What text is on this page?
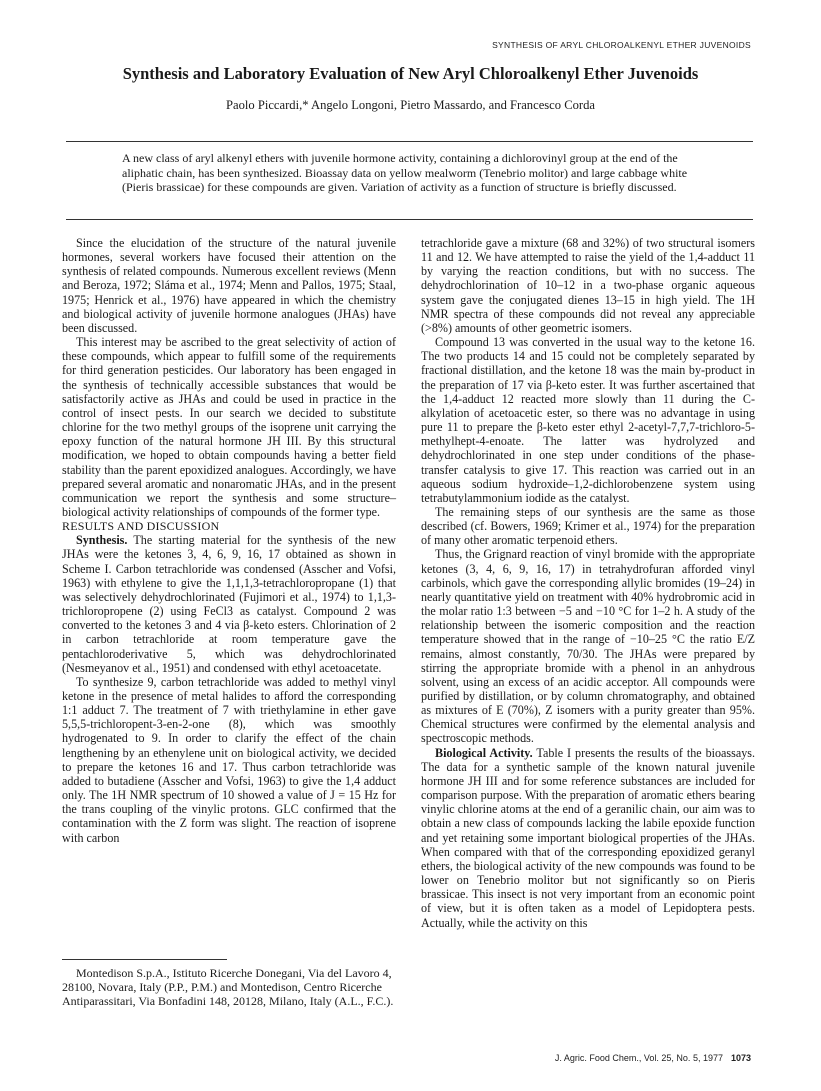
SYNTHESIS OF ARYL CHLOROALKENYL ETHER JUVENOIDS
Synthesis and Laboratory Evaluation of New Aryl Chloroalkenyl Ether Juvenoids
Paolo Piccardi,* Angelo Longoni, Pietro Massardo, and Francesco Corda
A new class of aryl alkenyl ethers with juvenile hormone activity, containing a dichlorovinyl group at the end of the aliphatic chain, has been synthesized. Bioassay data on yellow mealworm (Tenebrio molitor) and large cabbage white (Pieris brassicae) for these compounds are given. Variation of activity as a function of structure is briefly discussed.

Since the elucidation of the structure of the natural juvenile hormones, several workers have focused their attention on the synthesis of related compounds. Numerous excellent reviews (Menn and Beroza, 1972; Sláma et al., 1974; Menn and Pallos, 1975; Staal, 1975; Henrick et al., 1976) have appeared in which the chemistry and biological activity of juvenile hormone analogues (JHAs) have been discussed.

This interest may be ascribed to the great selectivity of action of these compounds, which appear to fulfill some of the requirements for third generation pesticides. Our laboratory has been engaged in the synthesis of technically accessible substances that would be satisfactorily active as JHAs and could be used in practice in the control of insect pests. In our search we decided to substitute chlorine for the two methyl groups of the isoprene unit carrying the epoxy function of the natural hormone JH III. By this structural modification, we hoped to obtain compounds having a better field stability than the parent epoxidized analogues. Accordingly, we have prepared several aromatic and nonaromatic JHAs, and in the present communication we report the synthesis and some structure–biological activity relationships of compounds of the former type.

RESULTS AND DISCUSSION

Synthesis. The starting material for the synthesis of the new JHAs were the ketones 3, 4, 6, 9, 16, 17 obtained as shown in Scheme I. Carbon tetrachloride was condensed (Asscher and Vofsi, 1963) with ethylene to give the 1,1,1,3-tetrachloropropane (1) that was selectively dehydrochlorinated (Fujimori et al., 1974) to 1,1,3-trichloropropene (2) using FeCl3 as catalyst. Compound 2 was converted to the ketones 3 and 4 via β-keto esters. Chlorination of 2 in carbon tetrachloride at room temperature gave the pentachloroderivative 5, which was dehydrochlorinated (Nesmeyanov et al., 1951) and condensed with ethyl acetoacetate.

To synthesize 9, carbon tetrachloride was added to methyl vinyl ketone in the presence of metal halides to afford the corresponding 1:1 adduct 7. The treatment of 7 with triethylamine in ether gave 5,5,5-trichloropent-3-en-2-one (8), which was smoothly hydrogenated to 9. In order to clarify the effect of the chain lengthening by an ethenylene unit on biological activity, we decided to prepare the ketones 16 and 17. Thus carbon tetrachloride was added to butadiene (Asscher and Vofsi, 1963) to give the 1,4 adduct only. The 1H NMR spectrum of 10 showed a value of J = 15 Hz for the trans coupling of the vinylic protons. GLC confirmed that the contamination with the Z form was slight. The reaction of isoprene with carbon

Montedison S.p.A., Istituto Ricerche Donegani, Via del Lavoro 4, 28100, Novara, Italy (P.P., P.M.) and Montedison, Centro Ricerche Antiparassitari, Via Bonfadini 148, 20128, Milano, Italy (A.L., F.C.).

tetrachloride gave a mixture (68 and 32%) of two structural isomers 11 and 12. We have attempted to raise the yield of the 1,4-adduct 11 by varying the reaction conditions, but with no success. The dehydrochlorination of 10–12 in a two-phase organic aqueous system gave the conjugated dienes 13–15 in high yield. The 1H NMR spectra of these compounds did not reveal any appreciable (>8%) amounts of other geometric isomers.

Compound 13 was converted in the usual way to the ketone 16. The two products 14 and 15 could not be completely separated by fractional distillation, and the ketone 18 was the main by-product in the preparation of 17 via β-keto ester. It was further ascertained that the 1,4-adduct 12 reacted more slowly than 11 during the C-alkylation of acetoacetic ester, so there was no advantage in using pure 11 to prepare the β-keto ester ethyl 2-acetyl-7,7,7-trichloro-5-methylhept-4-enoate. The latter was hydrolyzed and dehydrochlorinated in one step under conditions of the phase-transfer catalysis to give 17. This reaction was carried out in an aqueous sodium hydroxide–1,2-dichlorobenzene system using tetrabutylammonium iodide as the catalyst.

The remaining steps of our synthesis are the same as those described (cf. Bowers, 1969; Krimer et al., 1974) for the preparation of many other aromatic terpenoid ethers.

Thus, the Grignard reaction of vinyl bromide with the appropriate ketones (3, 4, 6, 9, 16, 17) in tetrahydrofuran afforded vinyl carbinols, which gave the corresponding allylic bromides (19–24) in nearly quantitative yield on treatment with 40% hydrobromic acid in the molar ratio 1:3 between −5 and −10 °C for 1–2 h. A study of the relationship between the isomeric composition and the reaction temperature showed that in the range of −10–25 °C the ratio E/Z remains, almost constantly, 70/30. The JHAs were prepared by stirring the appropriate bromide with a phenol in an anhydrous solvent, using an excess of an acidic acceptor. All compounds were purified by distillation, or by column chromatography, and obtained as mixtures of E (70%), Z isomers with a purity greater than 95%. Chemical structures were confirmed by the elemental analysis and spectroscopic methods.

Biological Activity. Table I presents the results of the bioassays. The data for a synthetic sample of the known natural juvenile hormone JH III and for some reference substances are included for comparison purpose. With the preparation of aromatic ethers bearing vinylic chlorine atoms at the end of a geranilic chain, our aim was to obtain a new class of compounds lacking the labile epoxide function and yet retaining some important biological properties of the JHAs. When compared with that of the corresponding epoxidized geranyl ethers, the biological activity of the new compounds was found to be lower on Tenebrio molitor but not significantly so on Pieris brassicae. This insect is not very important from an economic point of view, but it is often taken as a model of Lepidoptera pests. Actually, while the activity on this

J. Agric. Food Chem., Vol. 25, No. 5, 1977 1073
